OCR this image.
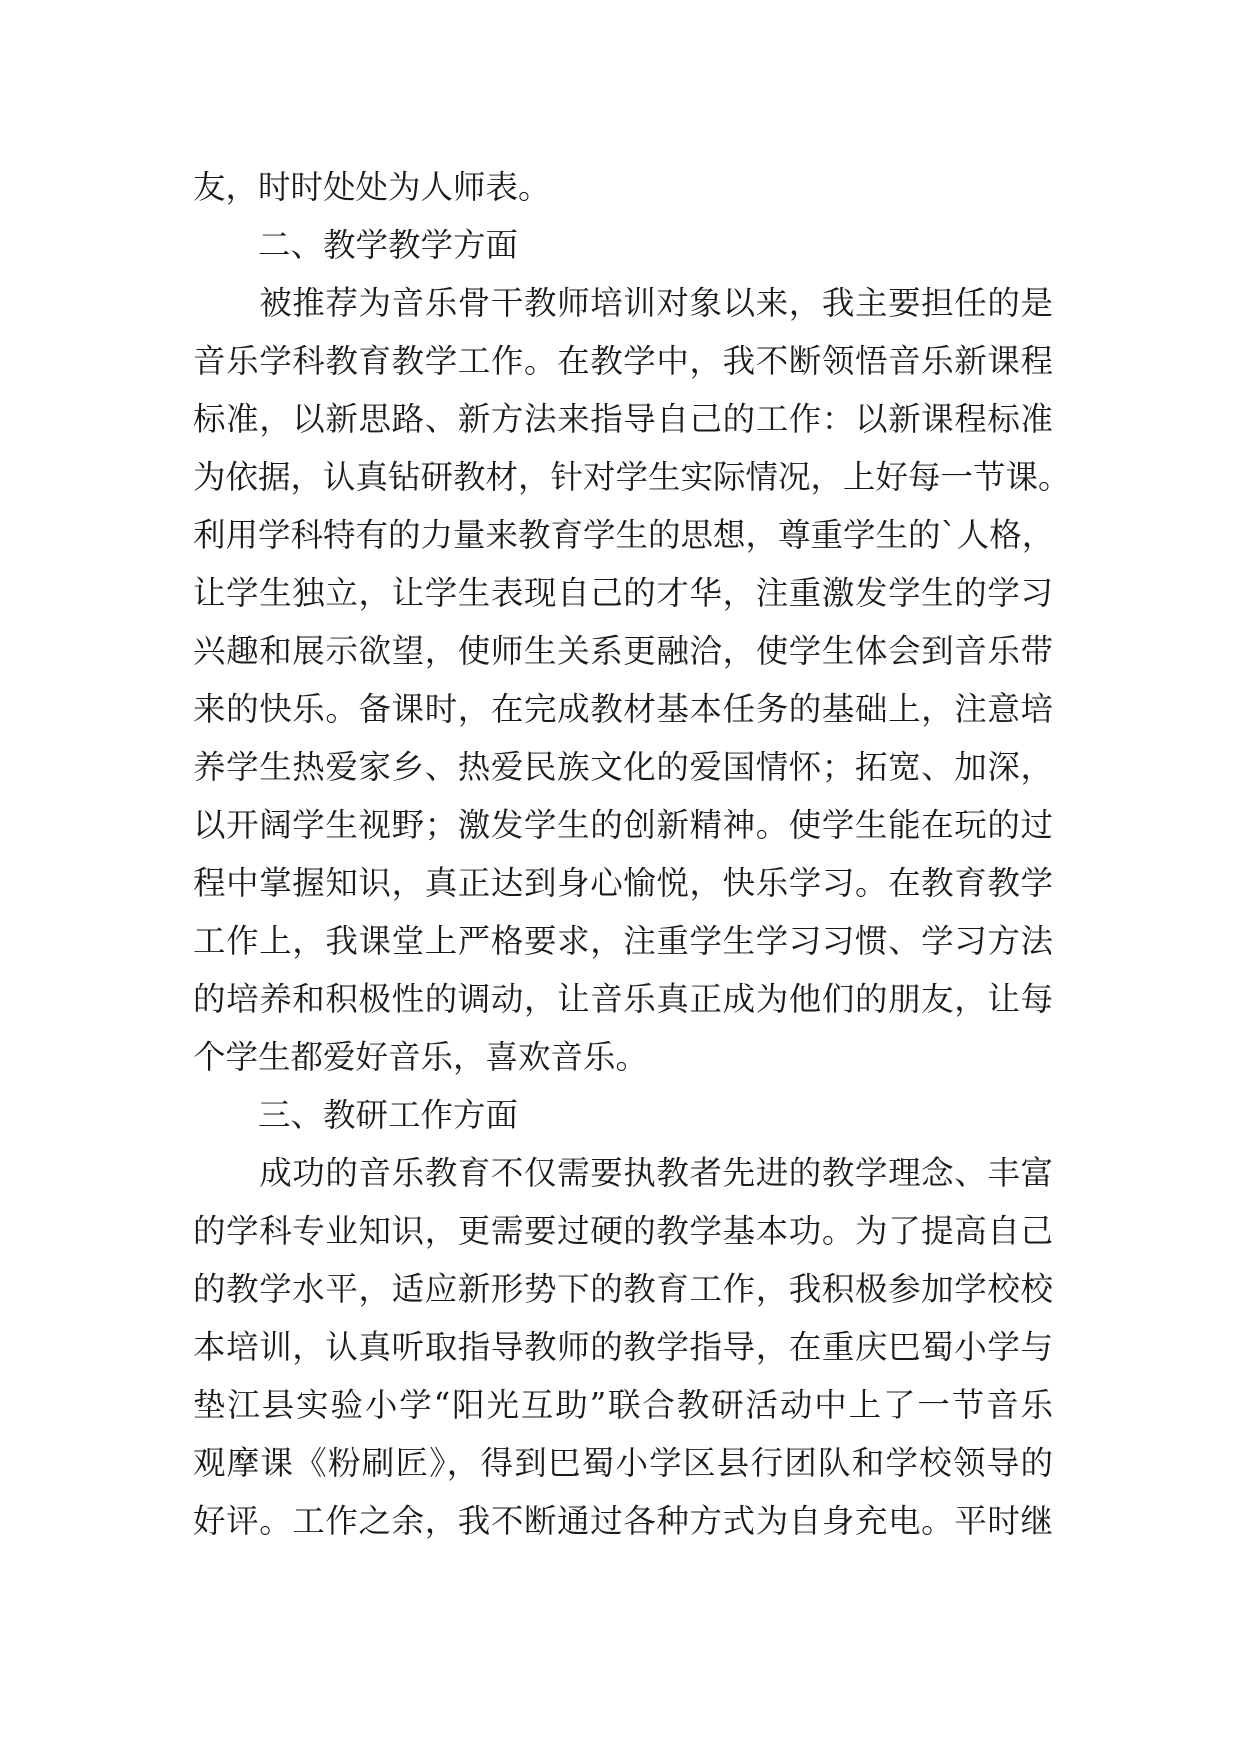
友，时时处处为人师表。
　　二、教学教学方面
　　被推荐为音乐骨干教师培训对象以来，我主要担任的是
音乐学科教育教学工作。在教学中，我不断领悟音乐新课程
标准，以新思路、新方法来指导自己的工作：以新课程标准
为依据，认真钻研教材，针对学生实际情况，上好每一节课。
利用学科特有的力量来教育学生的思想，尊重学生的`人格，
让学生独立，让学生表现自己的才华，注重激发学生的学习
兴趣和展示欲望，使师生关系更融洽，使学生体会到音乐带
来的快乐。备课时，在完成教材基本任务的基础上，注意培
养学生热爱家乡、热爱民族文化的爱国情怀；拓宽、加深，
以开阔学生视野；激发学生的创新精神。使学生能在玩的过
程中掌握知识，真正达到身心愉悦，快乐学习。在教育教学
工作上，我课堂上严格要求，注重学生学习习惯、学习方法
的培养和积极性的调动，让音乐真正成为他们的朋友，让每
个学生都爱好音乐，喜欢音乐。
　　三、教研工作方面
　　成功的音乐教育不仅需要执教者先进的教学理念、丰富
的学科专业知识，更需要过硬的教学基本功。为了提高自己
的教学水平，适应新形势下的教育工作，我积极参加学校校
本培训，认真听取指导教师的教学指导，在重庆巴蜀小学与
垫江县实验小学“阳光互助”联合教研活动中上了一节音乐
观摩课《粉刷匠》，得到巴蜀小学区县行团队和学校领导的
好评。工作之余，我不断通过各种方式为自身充电。平时继
